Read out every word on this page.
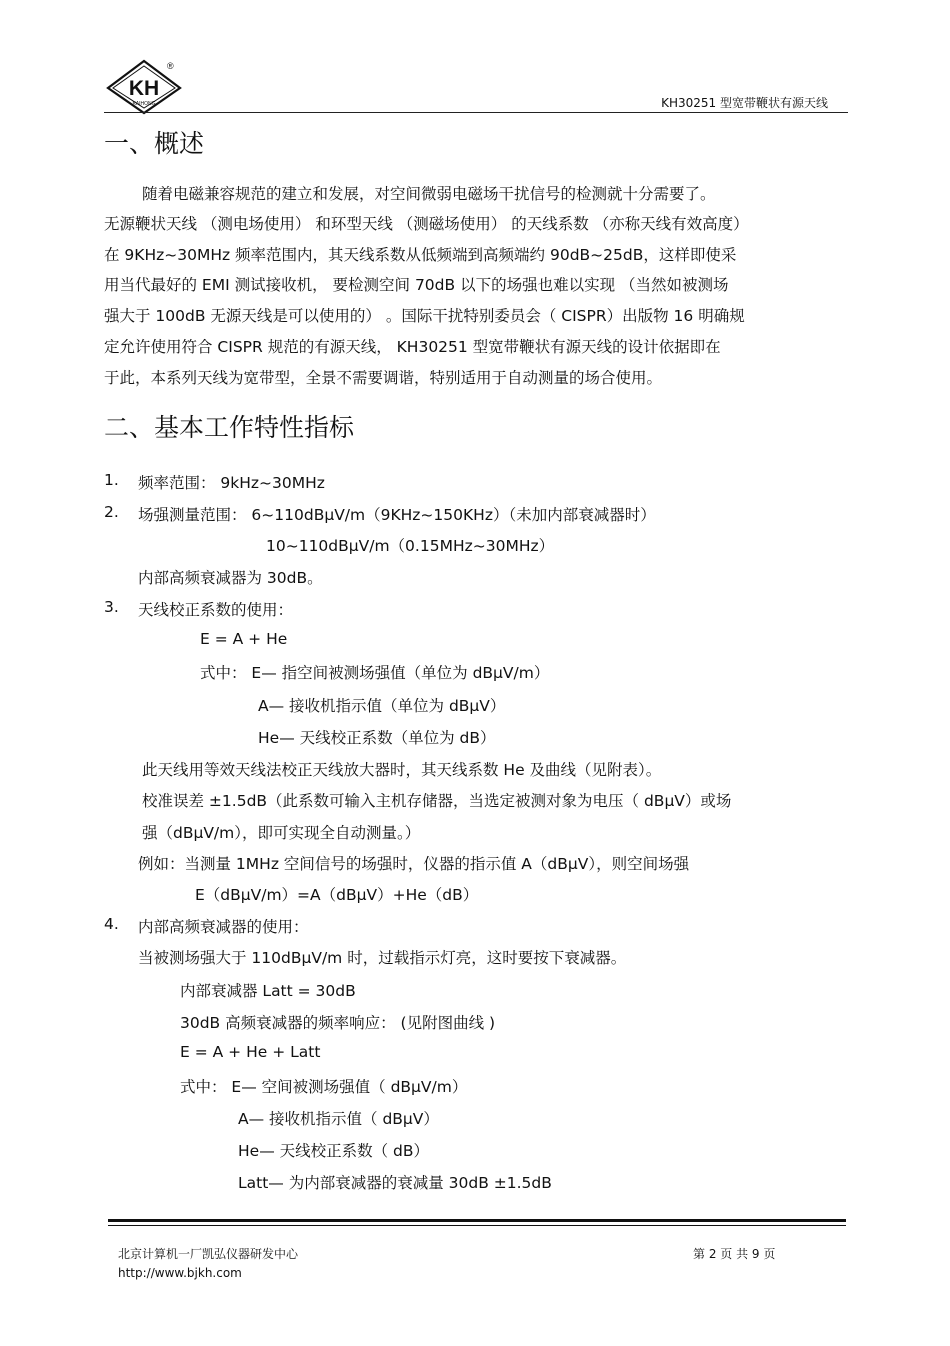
KH
KAIHONG
®
KH30251 型宽带鞭状有源天线
一、概述
随着电磁兼容规范的建立和发展，对空间微弱电磁场干扰信号的检测就十分需要了。
无源鞭状天线 （测电场使用） 和环型天线 （测磁场使用） 的天线系数 （亦称天线有效高度）
在 9KHz~30MHz 频率范围内，其天线系数从低频端到高频端约 90dB~25dB，这样即使采
用当代最好的 EMI 测试接收机， 要检测空间 70dB 以下的场强也难以实现 （当然如被测场
强大于 100dB 无源天线是可以使用的） 。国际干扰特别委员会（ CISPR）出版物 16 明确规
定允许使用符合 CISPR 规范的有源天线， KH30251 型宽带鞭状有源天线的设计依据即在
于此，本系列天线为宽带型，全景不需要调谐，特别适用于自动测量的场合使用。
二、基本工作特性指标
1. 频率范围： 9kHz~30MHz
2. 场强测量范围： 6~110dBμV/m（9KHz~150KHz）（未加内部衰减器时）
10~110dBμV/m（0.15MHz~30MHz）
内部高频衰减器为 30dB。
3. 天线校正系数的使用：
E = A + He
式中： E— 指空间被测场强值（单位为 dBμV/m）
A— 接收机指示值（单位为 dBμV）
He— 天线校正系数（单位为 dB）
此天线用等效天线法校正天线放大器时，其天线系数 He 及曲线（见附表）。
校准误差 ±1.5dB（此系数可输入主机存储器，当选定被测对象为电压（ dBμV）或场
强（dBμV/m），即可实现全自动测量。）
例如：当测量 1MHz 空间信号的场强时，仪器的指示值 A（dBμV），则空间场强
E（dBμV/m）=A（dBμV）+He（dB）
4. 内部高频衰减器的使用：
当被测场强大于 110dBμV/m 时，过载指示灯亮，这时要按下衰减器。
内部衰减器 Latt = 30dB
30dB 高频衰减器的频率响应： (见附图曲线 )
E = A + He + Latt
式中： E— 空间被测场强值（ dBμV/m）
A— 接收机指示值（ dBμV）
He— 天线校正系数（ dB）
Latt— 为内部衰减器的衰减量 30dB ±1.5dB
北京计算机一厂凯弘仪器研发中心
http://www.bjkh.com
第 2 页 共 9 页
